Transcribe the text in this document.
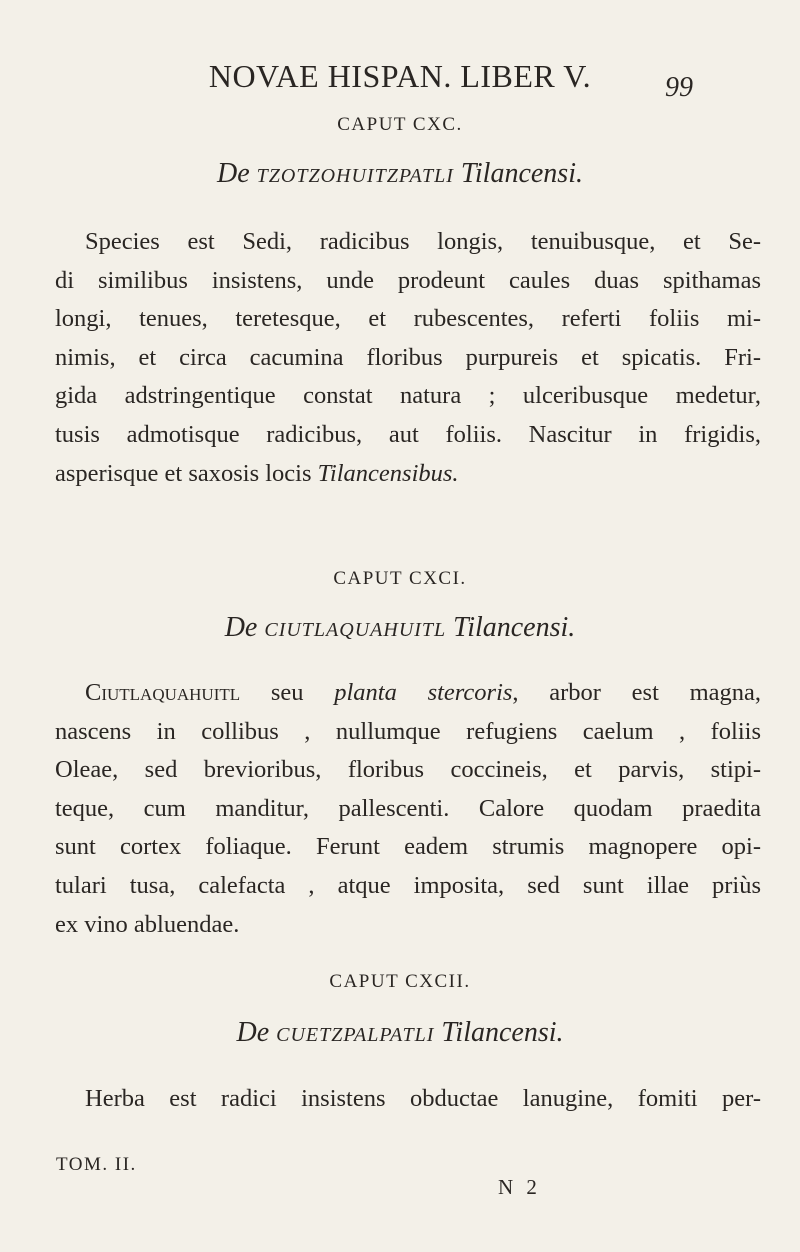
NOVAE HISPAN. LIBER V.	99
CAPUT CXC.
De TZOTZOHUITZPATLI Tilancensi.
Species est Sedi, radicibus longis, tenuibusque, et Se-
di similibus insistens, unde prodeunt caules duas spithamas
longi, tenues, teretesque, et rubescentes, referti foliis mi-
nimis, et circa cacumina floribus purpureis et spicatis. Fri-
gida adstringentique constat natura ; ulceribusque medetur,
tusis admotisque radicibus, aut foliis. Nascitur in frigidis,
asperisque et saxosis locis Tilancensibus.
CAPUT CXCI.
De CIUTLAQUAHUITL Tilancensi.
Ciutlaquahuitl seu planta stercoris, arbor est magna,
nascens in collibus , nullumque refugiens caelum , foliis
Oleae, sed brevioribus, floribus coccineis, et parvis, stipi-
teque, cum manditur, pallescenti. Calore quodam praedita
sunt cortex foliaque. Ferunt eadem strumis magnopere opi-
tulari tusa, calefacta , atque imposita, sed sunt illae priùs
ex vino abluendae.
CAPUT CXCII.
De CUETZPALPATLI Tilancensi.
Herba est radici insistens obductae lanugine, fomiti per-
TOM. II.
N 2
